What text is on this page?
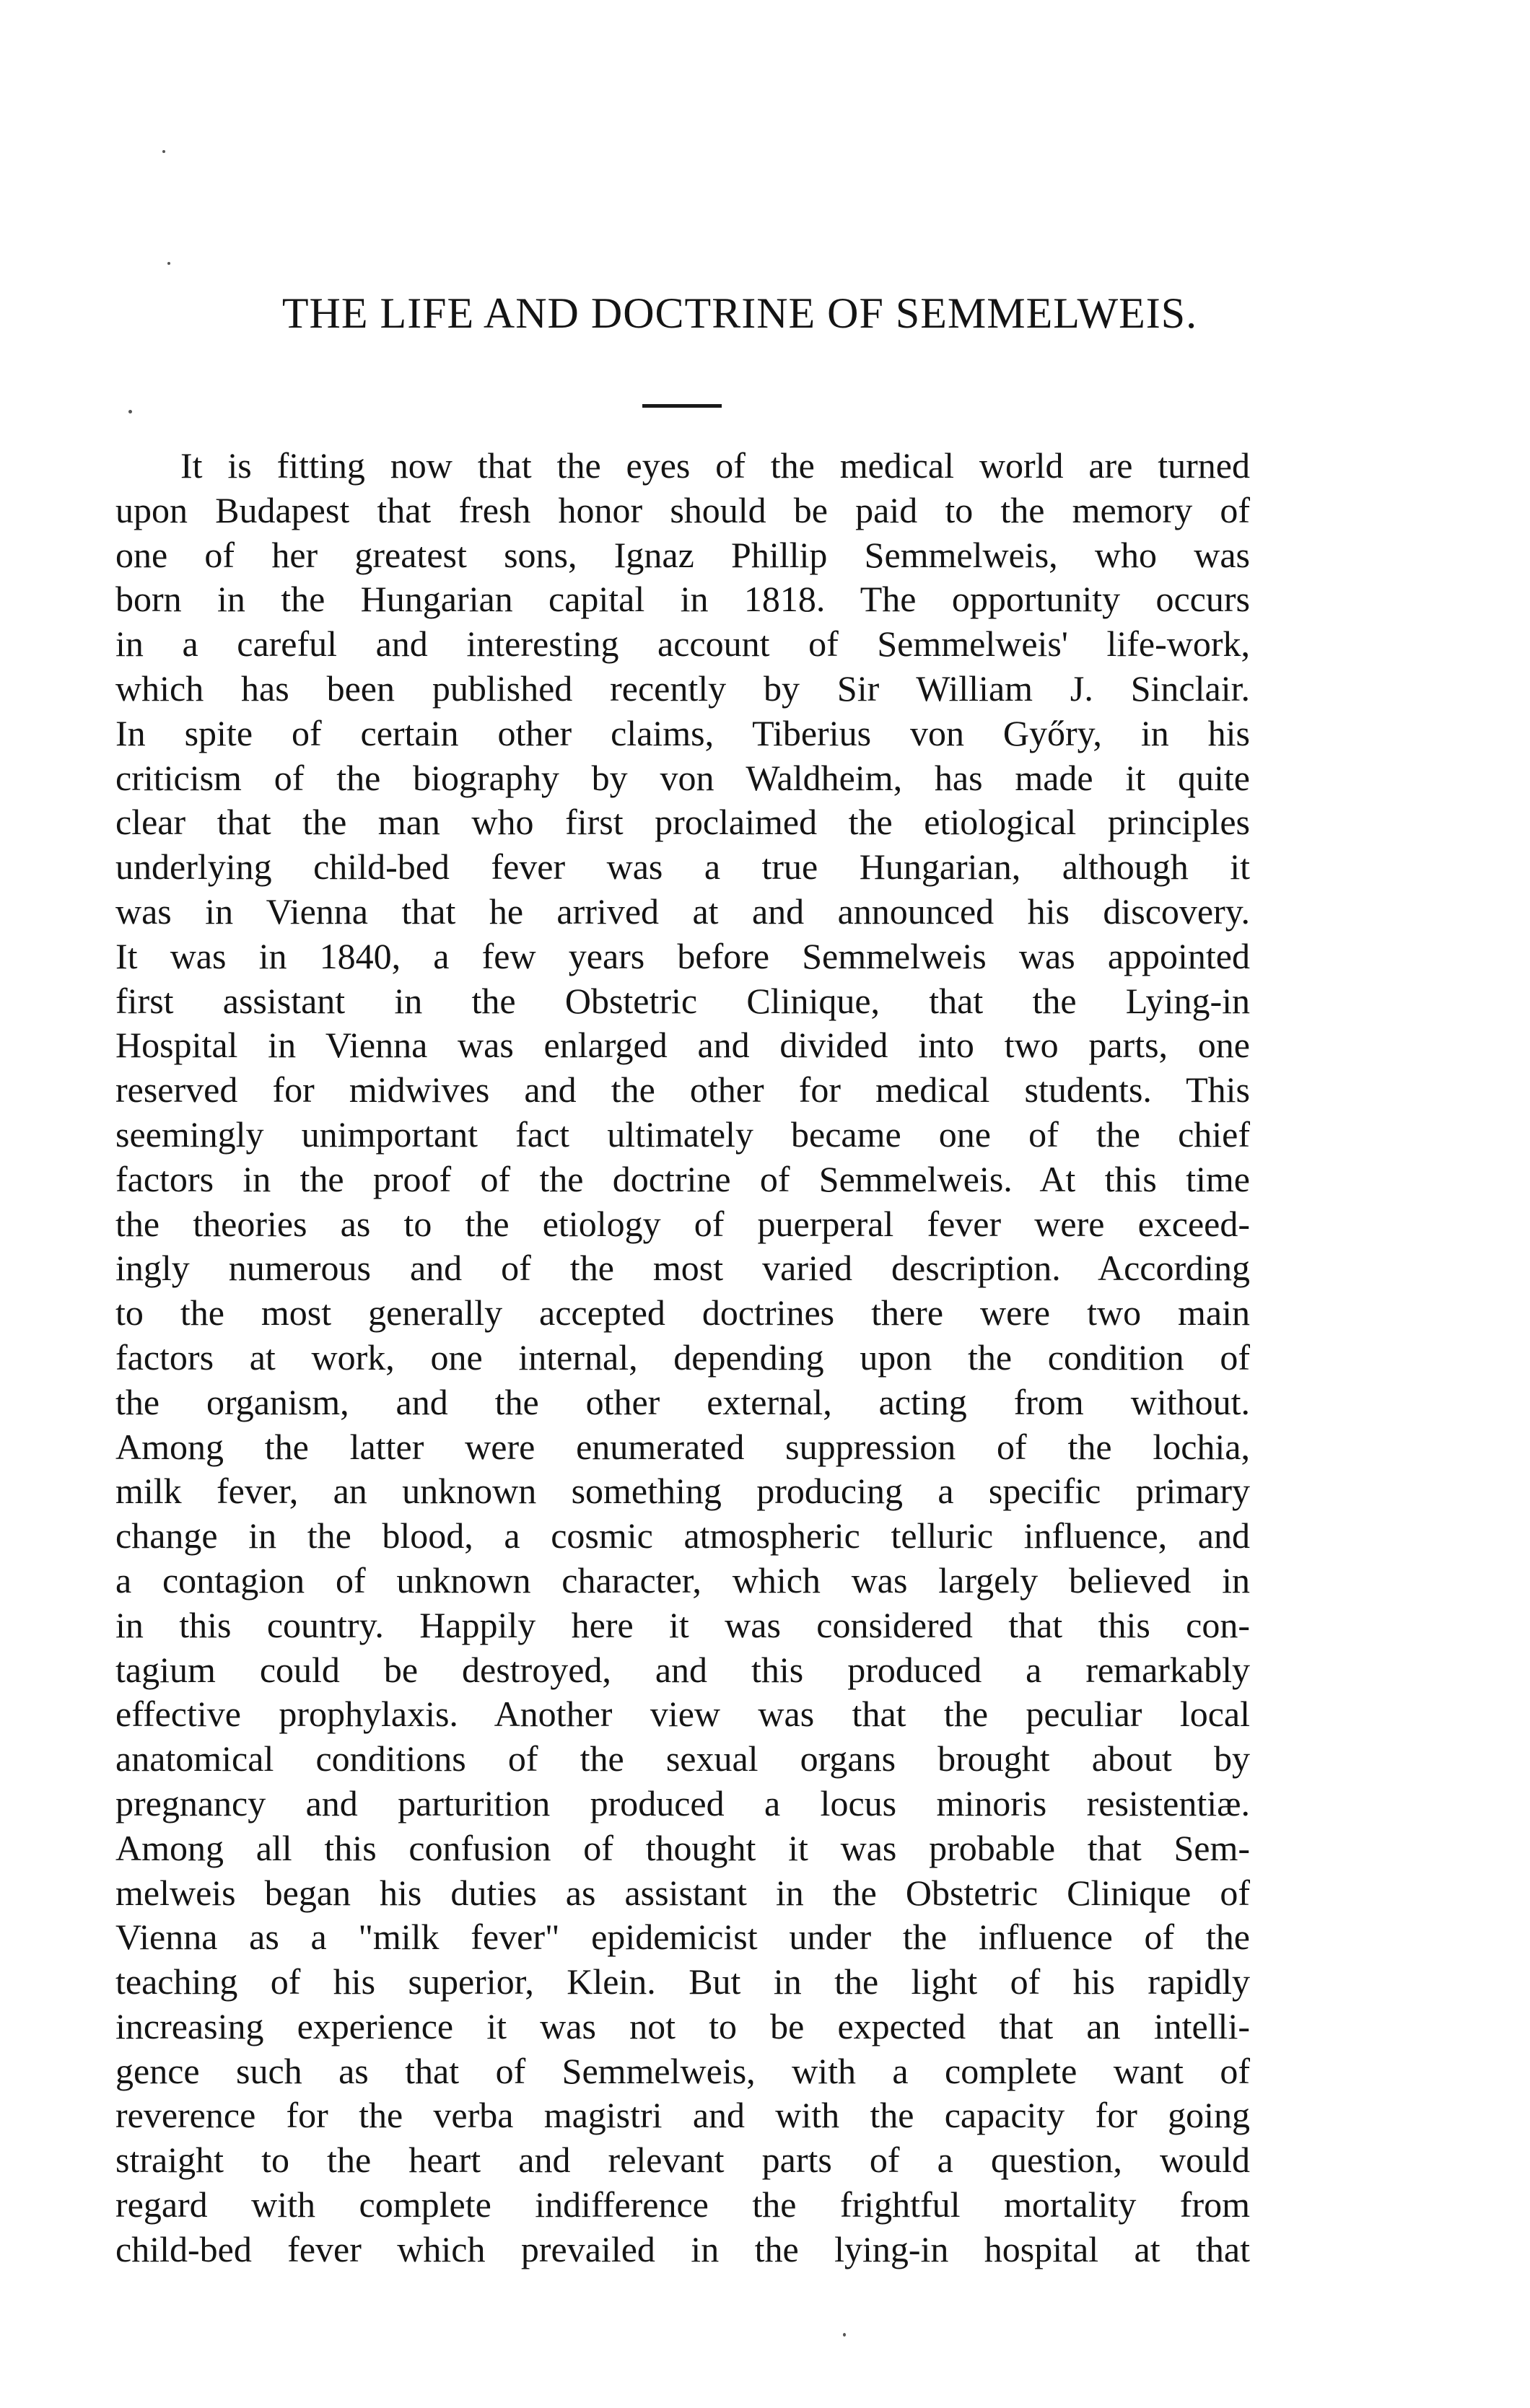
THE LIFE AND DOCTRINE OF SEMMELWEIS.
It is fitting now that the eyes of the medical world are turned
upon Budapest that fresh honor should be paid to the memory of
one of her greatest sons, Ignaz Phillip Semmelweis, who was
born in the Hungarian capital in 1818. The opportunity occurs
in a careful and interesting account of Semmelweis' life-work,
which has been published recently by Sir William J. Sinclair.
In spite of certain other claims, Tiberius von Győry, in his
criticism of the biography by von Waldheim, has made it quite
clear that the man who first proclaimed the etiological principles
underlying child-bed fever was a true Hungarian, although it
was in Vienna that he arrived at and announced his discovery.
It was in 1840, a few years before Semmelweis was appointed
first assistant in the Obstetric Clinique, that the Lying-in
Hospital in Vienna was enlarged and divided into two parts, one
reserved for midwives and the other for medical students. This
seemingly unimportant fact ultimately became one of the chief
factors in the proof of the doctrine of Semmelweis. At this time
the theories as to the etiology of puerperal fever were exceed-
ingly numerous and of the most varied description. According
to the most generally accepted doctrines there were two main
factors at work, one internal, depending upon the condition of
the organism, and the other external, acting from without.
Among the latter were enumerated suppression of the lochia,
milk fever, an unknown something producing a specific primary
change in the blood, a cosmic atmospheric telluric influence, and
a contagion of unknown character, which was largely believed in
in this country. Happily here it was considered that this con-
tagium could be destroyed, and this produced a remarkably
effective prophylaxis. Another view was that the peculiar local
anatomical conditions of the sexual organs brought about by
pregnancy and parturition produced a locus minoris resistentiæ.
Among all this confusion of thought it was probable that Sem-
melweis began his duties as assistant in the Obstetric Clinique of
Vienna as a "milk fever" epidemicist under the influence of the
teaching of his superior, Klein. But in the light of his rapidly
increasing experience it was not to be expected that an intelli-
gence such as that of Semmelweis, with a complete want of
reverence for the verba magistri and with the capacity for going
straight to the heart and relevant parts of a question, would
regard with complete indifference the frightful mortality from
child-bed fever which prevailed in the lying-in hospital at that
